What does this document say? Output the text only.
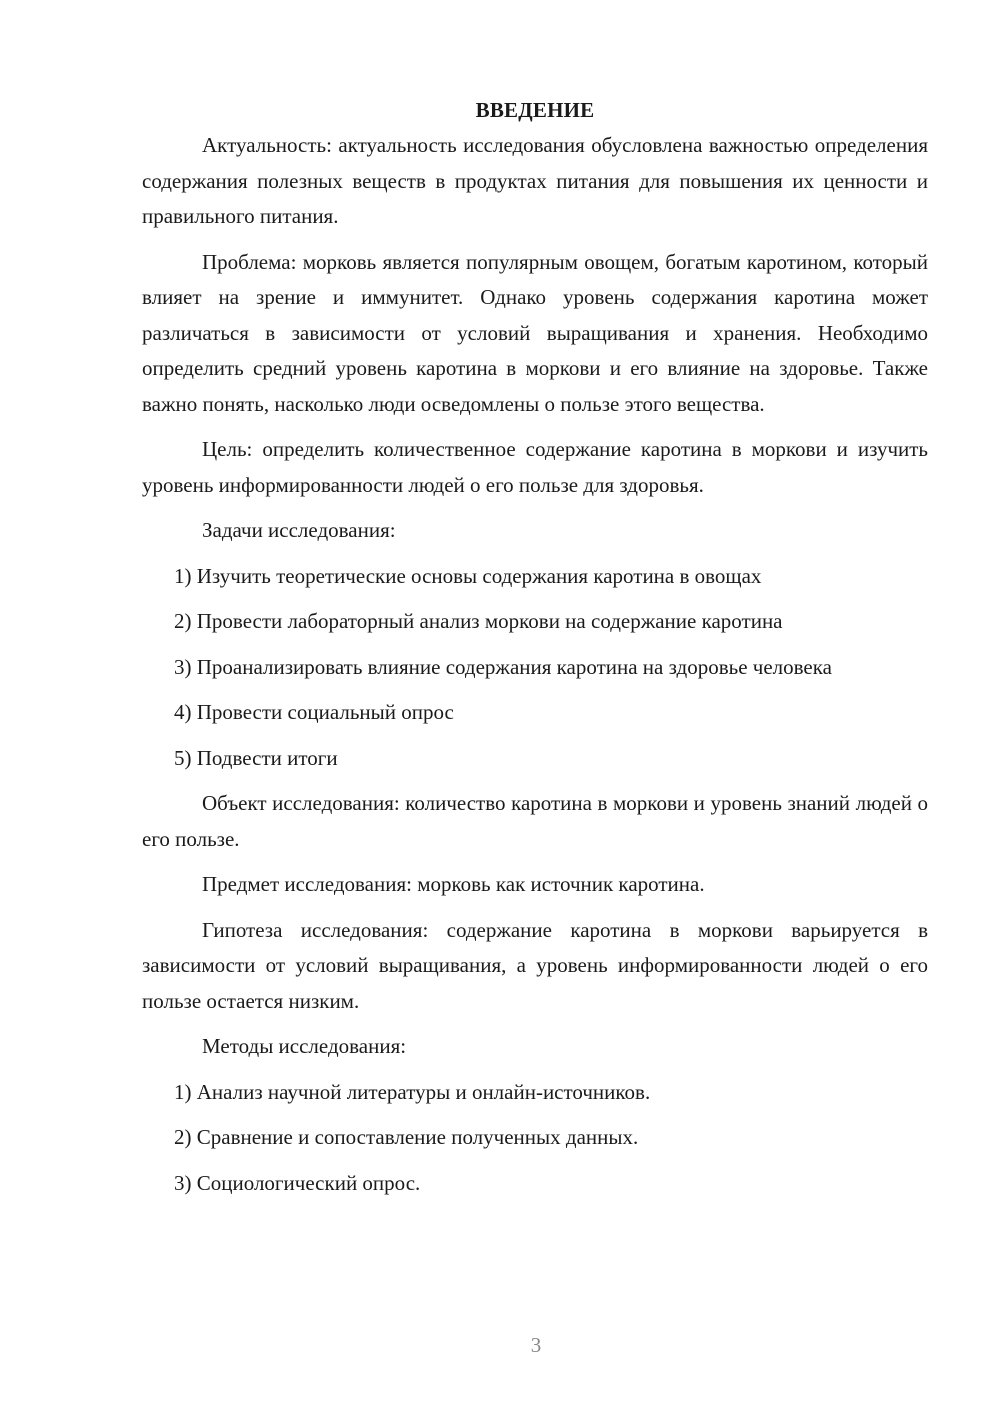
ВВЕДЕНИЕ

Актуальность: актуальность исследования обусловлена важностью определения содержания полезных веществ в продуктах питания для повышения их ценности и правильного питания.

Проблема: морковь является популярным овощем, богатым каротином, который влияет на зрение и иммунитет. Однако уровень содержания каротина может различаться в зависимости от условий выращивания и хранения. Необходимо определить средний уровень каротина в моркови и его влияние на здоровье. Также важно понять, насколько люди осведомлены о пользе этого вещества.

Цель: определить количественное содержание каротина в моркови и изучить уровень информированности людей о его пользе для здоровья.

Задачи исследования:

1) Изучить теоретические основы содержания каротина в овощах

2) Провести лабораторный анализ моркови на содержание каротина

3) Проанализировать влияние содержания каротина на здоровье человека

4) Провести социальный опрос

5) Подвести итоги

Объект исследования: количество каротина в моркови и уровень знаний людей о его пользе.

Предмет исследования: морковь как источник каротина.

Гипотеза исследования: содержание каротина в моркови варьируется в зависимости от условий выращивания, а уровень информированности людей о его пользе остается низким.

Методы исследования:

1) Анализ научной литературы и онлайн-источников.

2) Сравнение и сопоставление полученных данных.

3) Социологический опрос.

3
